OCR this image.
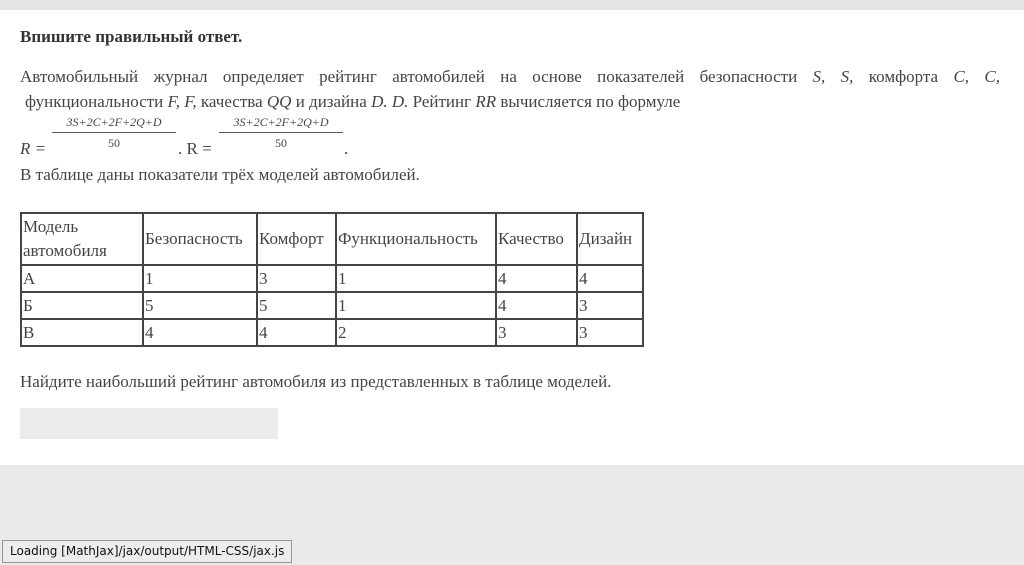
Впишите правильный ответ.
Автомобильный журнал определяет рейтинг автомобилей на основе показателей безопасности S, S, комфорта C, C,
функциональности F, F, качества QQ и дизайна D. D. Рейтинг RR вычисляется по формуле
R =
$\frac{3S+2C+2F+2Q+D}{50}$
. R =
$\frac{3S+2C+2F+2Q+D}{50}$
.
В таблице даны показатели трёх моделей автомобилей.
Модель автомобиля	Безопасность	Комфорт	Функциональность	Качество	Дизайн
А	1	3	1	4	4
Б	5	5	1	4	3
В	4	4	2	3	3
Найдите наибольший рейтинг автомобиля из представленных в таблице моделей.
Loading [MathJax]/jax/output/HTML-CSS/jax.js
